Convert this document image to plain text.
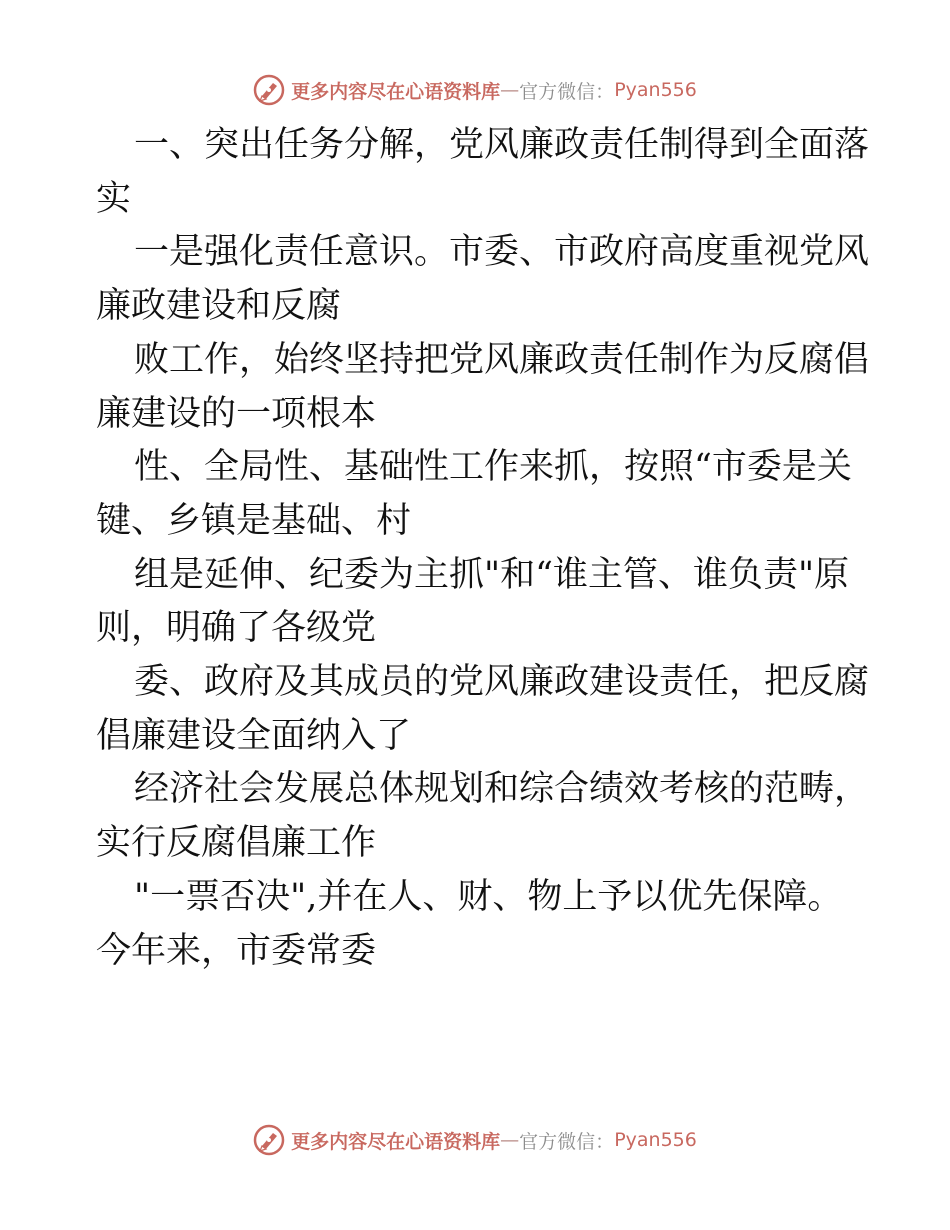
更多内容尽在心语资料库 — 官方微信： Pyan556

一、突出任务分解，党风廉政责任制得到全面落
实

一是强化责任意识。市委、市政府高度重视党风
廉政建设和反腐

败工作，始终坚持把党风廉政责任制作为反腐倡
廉建设的一项根本

性、全局性、基础性工作来抓，按照“市委是关
键、乡镇是基础、村

组是延伸、纪委为主抓"和“谁主管、谁负责"原
则，明确了各级党

委、政府及其成员的党风廉政建设责任，把反腐
倡廉建设全面纳入了

经济社会发展总体规划和综合绩效考核的范畴，
实行反腐倡廉工作

"一票否决",并在人、财、物上予以优先保障。
今年来，市委常委

更多内容尽在心语资料库 — 官方微信： Pyan556
